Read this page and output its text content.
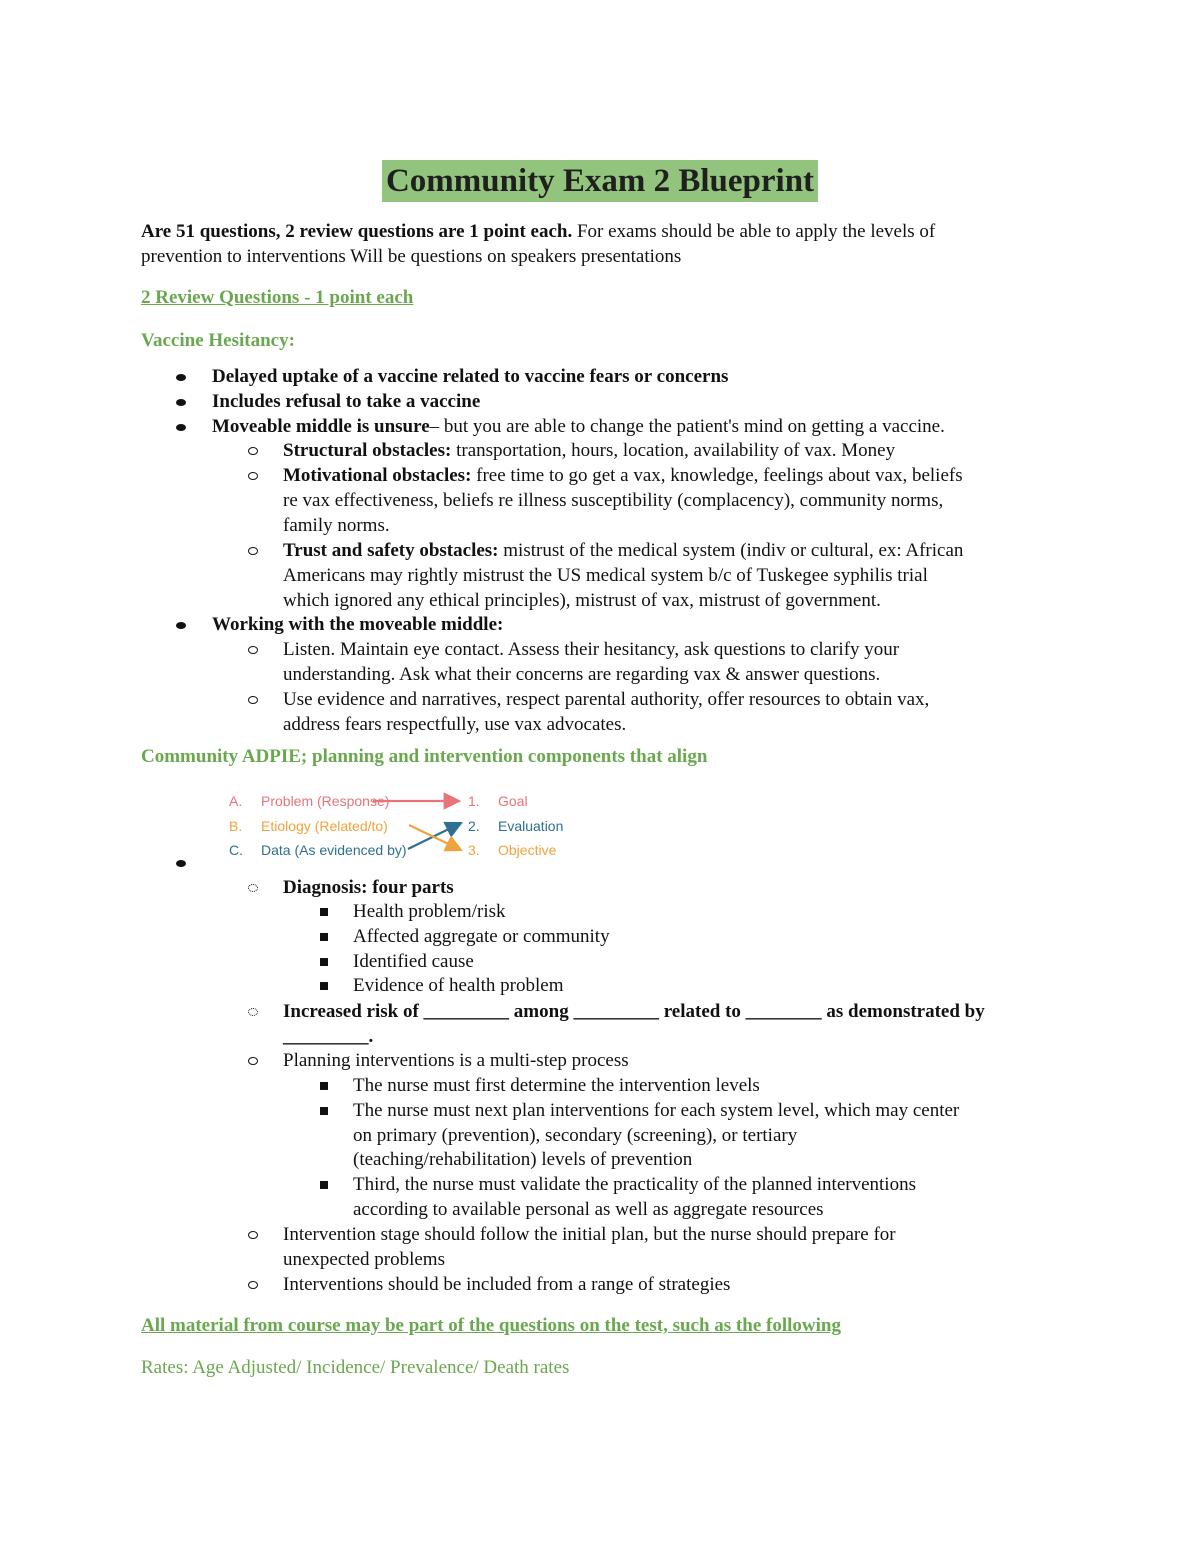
Community Exam 2 Blueprint
Are 51 questions, 2 review questions are 1 point each. For exams should be able to apply the levels of
prevention to interventions Will be questions on speakers presentations
2 Review Questions - 1 point each
Vaccine Hesitancy:
Delayed uptake of a vaccine related to vaccine fears or concerns
Includes refusal to take a vaccine
Moveable middle is unsure– but you are able to change the patient's mind on getting a vaccine.
Structural obstacles: transportation, hours, location, availability of vax. Money
Motivational obstacles: free time to go get a vax, knowledge, feelings about vax, beliefs
re vax effectiveness, beliefs re illness susceptibility (complacency), community norms,
family norms.
Trust and safety obstacles: mistrust of the medical system (indiv or cultural, ex: African
Americans may rightly mistrust the US medical system b/c of Tuskegee syphilis trial
which ignored any ethical principles), mistrust of vax, mistrust of government.
Working with the moveable middle:
Listen. Maintain eye contact. Assess their hesitancy, ask questions to clarify your
understanding. Ask what their concerns are regarding vax & answer questions.
Use evidence and narratives, respect parental authority, offer resources to obtain vax,
address fears respectfully, use vax advocates.
Community ADPIE; planning and intervention components that align
A. Problem (Response)
B. Etiology (Related/to)
C. Data (As evidenced by)
1. Goal
2. Evaluation
3. Objective
Diagnosis: four parts
Health problem/risk
Affected aggregate or community
Identified cause
Evidence of health problem
Increased risk of _________ among _________ related to ________ as demonstrated by
_________.
Planning interventions is a multi-step process
The nurse must first determine the intervention levels
The nurse must next plan interventions for each system level, which may center
on primary (prevention), secondary (screening), or tertiary
(teaching/rehabilitation) levels of prevention
Third, the nurse must validate the practicality of the planned interventions
according to available personal as well as aggregate resources
Intervention stage should follow the initial plan, but the nurse should prepare for
unexpected problems
Interventions should be included from a range of strategies
All material from course may be part of the questions on the test, such as the following
Rates: Age Adjusted/ Incidence/ Prevalence/ Death rates
